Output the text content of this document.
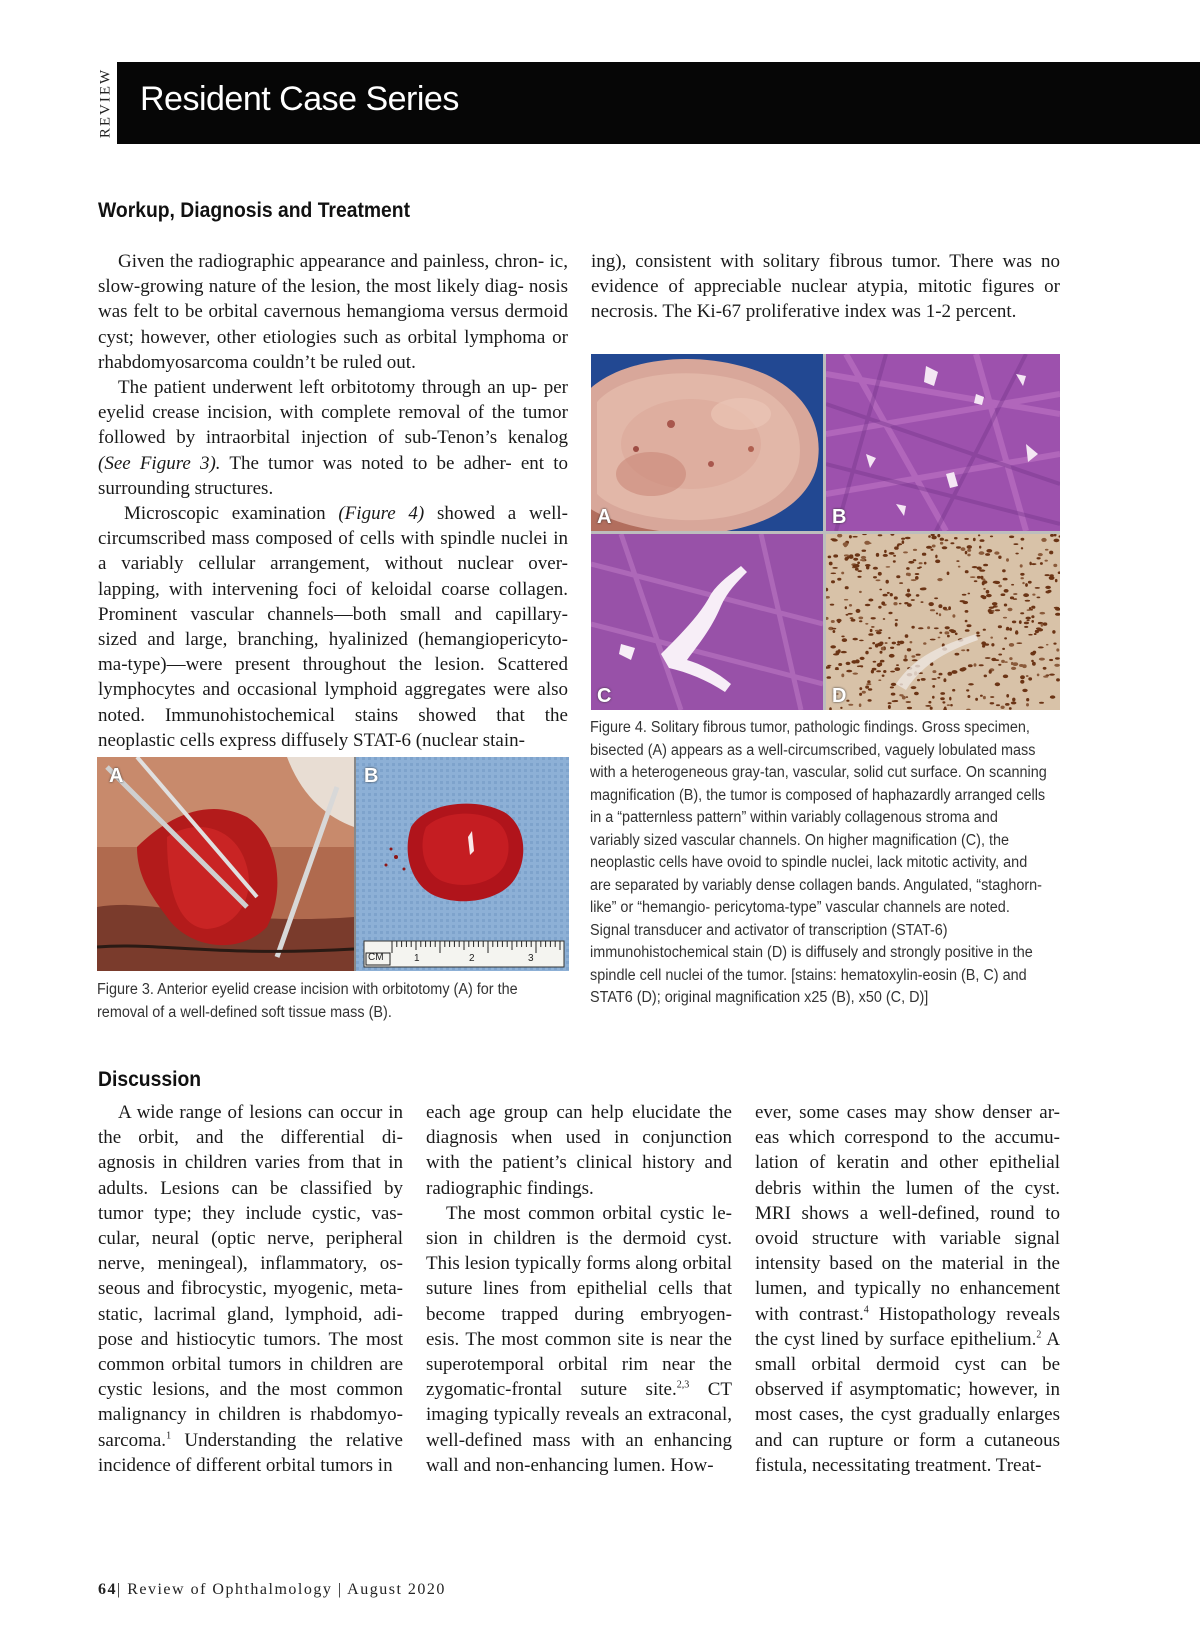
REVIEW Resident Case Series
Workup, Diagnosis and Treatment

Given the radiographic appearance and painless, chron- ic, slow-growing nature of the lesion, the most likely diag- nosis was felt to be orbital cavernous hemangioma versus dermoid cyst; however, other etiologies such as orbital lymphoma or rhabdomyosarcoma couldn’t be ruled out.

The patient underwent left orbitotomy through an up- per eyelid crease incision, with complete removal of the tumor followed by intraorbital injection of sub-Tenon’s kenalog (See Figure 3). The tumor was noted to be adher- ent to surrounding structures.

Microscopic examination (Figure 4) showed a well- circumscribed mass composed of cells with spindle nuclei in a variably cellular arrangement, without nuclear over- lapping, with intervening foci of keloidal coarse collagen. Prominent vascular channels—both small and capillary- sized and large, branching, hyalinized (hemangiopericyto- ma-type)—were present throughout the lesion. Scattered lymphocytes and occasional lymphoid aggregates were also noted. Immunohistochemical stains showed that the neoplastic cells express diffusely STAT-6 (nuclear stain-

ing), consistent with solitary fibrous tumor. There was no evidence of appreciable nuclear atypia, mitotic figures or necrosis. The Ki-67 proliferative index was 1-2 percent.

A	B
C	D
Figure 4. Solitary fibrous tumor, pathologic findings. Gross specimen, bisected (A) appears as a well-circumscribed, vaguely lobulated mass with a heterogeneous gray-tan, vascular, solid cut surface. On scanning magnification (B), the tumor is composed of haphazardly arranged cells in a “patternless pattern” within variably collagenous stroma and variably sized vascular channels. On higher magnification (C), the neoplastic cells have ovoid to spindle nuclei, lack mitotic activity, and are separated by variably dense collagen bands. Angulated, “staghorn-like” or “hemangio- pericytoma-type” vascular channels are noted. Signal transducer and activator of transcription (STAT-6) immunohistochemical stain (D) is diffusely and strongly positive in the spindle cell nuclei of the tumor. [stains: hematoxylin-eosin (B, C) and STAT6 (D); original magnification x25 (B), x50 (C, D)]
A	B
CM	1	2	3
Figure 3. Anterior eyelid crease incision with orbitotomy (A) for the removal of a well-defined soft tissue mass (B).
Discussion

A wide range of lesions can occur in the orbit, and the differential di- agnosis in children varies from that in adults. Lesions can be classified by tumor type; they include cystic, vas- cular, neural (optic nerve, peripheral nerve, meningeal), inflammatory, os- seous and fibrocystic, myogenic, meta- static, lacrimal gland, lymphoid, adi- pose and histiocytic tumors. The most common orbital tumors in children are cystic lesions, and the most common malignancy in children is rhabdomyo- sarcoma.$^1$ Understanding the relative incidence of different orbital tumors in

each age group can help elucidate the diagnosis when used in conjunction with the patient’s clinical history and radiographic findings.

The most common orbital cystic le- sion in children is the dermoid cyst. This lesion typically forms along orbital suture lines from epithelial cells that become trapped during embryogen- esis. The most common site is near the superotemporal orbital rim near the zygomatic-frontal suture site.$^{2,3}$ CT imaging typically reveals an extraconal, well-defined mass with an enhancing wall and non-enhancing lumen. How-

ever, some cases may show denser ar- eas which correspond to the accumu- lation of keratin and other epithelial debris within the lumen of the cyst. MRI shows a well-defined, round to ovoid structure with variable signal intensity based on the material in the lumen, and typically no enhancement with contrast.$^4$ Histopathology reveals the cyst lined by surface epithelium.$^2$ A small orbital dermoid cyst can be observed if asymptomatic; however, in most cases, the cyst gradually enlarges and can rupture or form a cutaneous fistula, necessitating treatment. Treat-

64| Review of Ophthalmology | August 2020
